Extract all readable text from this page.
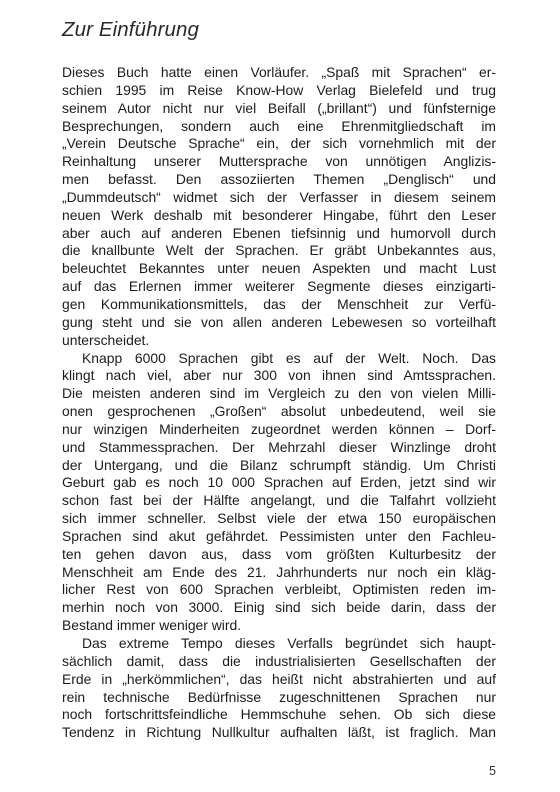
Zur Einführung
Dieses Buch hatte einen Vorläufer. „Spaß mit Sprachen“ er-
schien 1995 im Reise Know-How Verlag Bielefeld und trug
seinem Autor nicht nur viel Beifall („brillant“) und fünfsternige
Besprechungen, sondern auch eine Ehrenmitgliedschaft im
„Verein Deutsche Sprache“ ein, der sich vornehmlich mit der
Reinhaltung unserer Muttersprache von unnötigen Anglizis-
men befasst. Den assoziierten Themen „Denglisch“ und
„Dummdeutsch“ widmet sich der Verfasser in diesem seinem
neuen Werk deshalb mit besonderer Hingabe, führt den Leser
aber auch auf anderen Ebenen tiefsinnig und humorvoll durch
die knallbunte Welt der Sprachen. Er gräbt Unbekanntes aus,
beleuchtet Bekanntes unter neuen Aspekten und macht Lust
auf das Erlernen immer weiterer Segmente dieses einzigarti-
gen Kommunikationsmittels, das der Menschheit zur Verfü-
gung steht und sie von allen anderen Lebewesen so vorteilhaft
unterscheidet.
Knapp 6000 Sprachen gibt es auf der Welt. Noch. Das
klingt nach viel, aber nur 300 von ihnen sind Amtssprachen.
Die meisten anderen sind im Vergleich zu den von vielen Milli-
onen gesprochenen „Großen“ absolut unbedeutend, weil sie
nur winzigen Minderheiten zugeordnet werden können – Dorf-
und Stammessprachen. Der Mehrzahl dieser Winzlinge droht
der Untergang, und die Bilanz schrumpft ständig. Um Christi
Geburt gab es noch 10 000 Sprachen auf Erden, jetzt sind wir
schon fast bei der Hälfte angelangt, und die Talfahrt vollzieht
sich immer schneller. Selbst viele der etwa 150 europäischen
Sprachen sind akut gefährdet. Pessimisten unter den Fachleu-
ten gehen davon aus, dass vom größten Kulturbesitz der
Menschheit am Ende des 21. Jahrhunderts nur noch ein kläg-
licher Rest von 600 Sprachen verbleibt, Optimisten reden im-
merhin noch von 3000. Einig sind sich beide darin, dass der
Bestand immer weniger wird.
Das extreme Tempo dieses Verfalls begründet sich haupt-
sächlich damit, dass die industrialisierten Gesellschaften der
Erde in „herkömmlichen“, das heißt nicht abstrahierten und auf
rein technische Bedürfnisse zugeschnittenen Sprachen nur
noch fortschrittsfeindliche Hemmschuhe sehen. Ob sich diese
Tendenz in Richtung Nullkultur aufhalten läßt, ist fraglich. Man
5
